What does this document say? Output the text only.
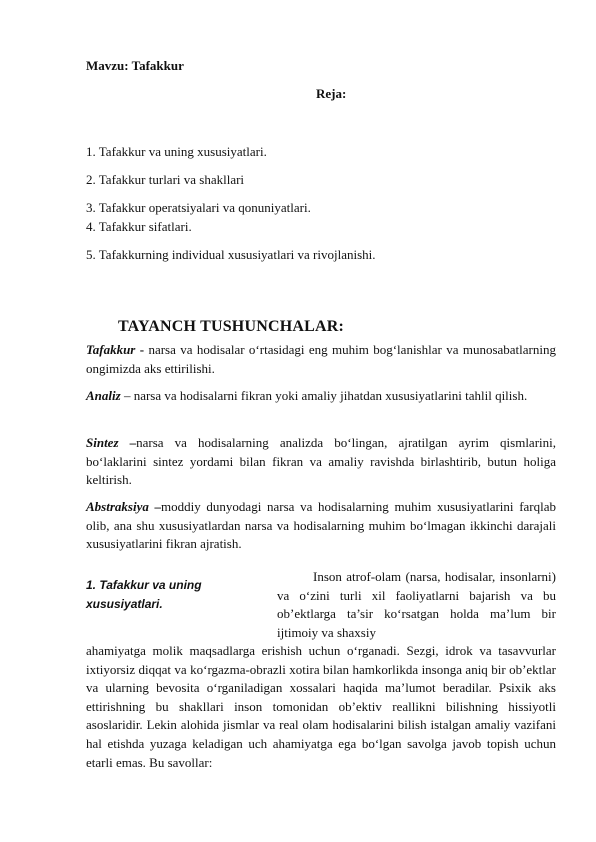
Mavzu: Tafakkur
Reja:
1. Tafakkur va uning xususiyatlari.
2. Tafakkur turlari va shakllari
3. Tafakkur operatsiyalari va qonuniyatlari.
4. Tafakkur sifatlari.
5. Tafakkurning individual xususiyatlari va rivojlanishi.
TAYANCH TUSHUNCHALAR:

Tafakkur - narsa va hodisalar o‘rtasidagi eng muhim bog‘lanishlar va munosabatlarning ongimizda aks ettirilishi.

Analiz – narsa va hodisalarni fikran yoki amaliy jihatdan xususiyatlarini tahlil qilish.

Sintez –narsa va hodisalarning analizda bo‘lingan, ajratilgan ayrim qismlarini, bo‘laklarini sintez yordami bilan fikran va amaliy ravishda birlashtirib, butun holiga keltirish.

Abstraksiya –moddiy dunyodagi narsa va hodisalarning muhim xususiyatlarini farqlab olib, ana shu xususiyatlardan narsa va hodisalarning muhim bo‘lmagan ikkinchi darajali xususiyatlarini fikran ajratish.

1. Tafakkur va uning xususiyatlari.

Inson atrof-olam (narsa, hodisalar, insonlarni) va o‘zini turli xil faoliyatlarni bajarish va bu ob’ektlarga ta’sir ko‘rsatgan holda ma’lum bir ijtimoiy va shaxsiy

ahamiyatga molik maqsadlarga erishish uchun o‘rganadi. Sezgi, idrok va tasavvurlar ixtiyorsiz diqqat va ko‘rgazma-obrazli xotira bilan hamkorlikda insonga aniq bir ob’ektlar va ularning bevosita o‘rganiladigan xossalari haqida ma’lumot beradilar. Psixik aks ettirishning bu shakllari inson tomonidan ob’ektiv reallikni bilishning hissiyotli asoslaridir. Lekin alohida jismlar va real olam hodisalarini bilish istalgan amaliy vazifani hal etishda yuzaga keladigan uch ahamiyatga ega bo‘lgan savolga javob topish uchun etarli emas. Bu savollar:
